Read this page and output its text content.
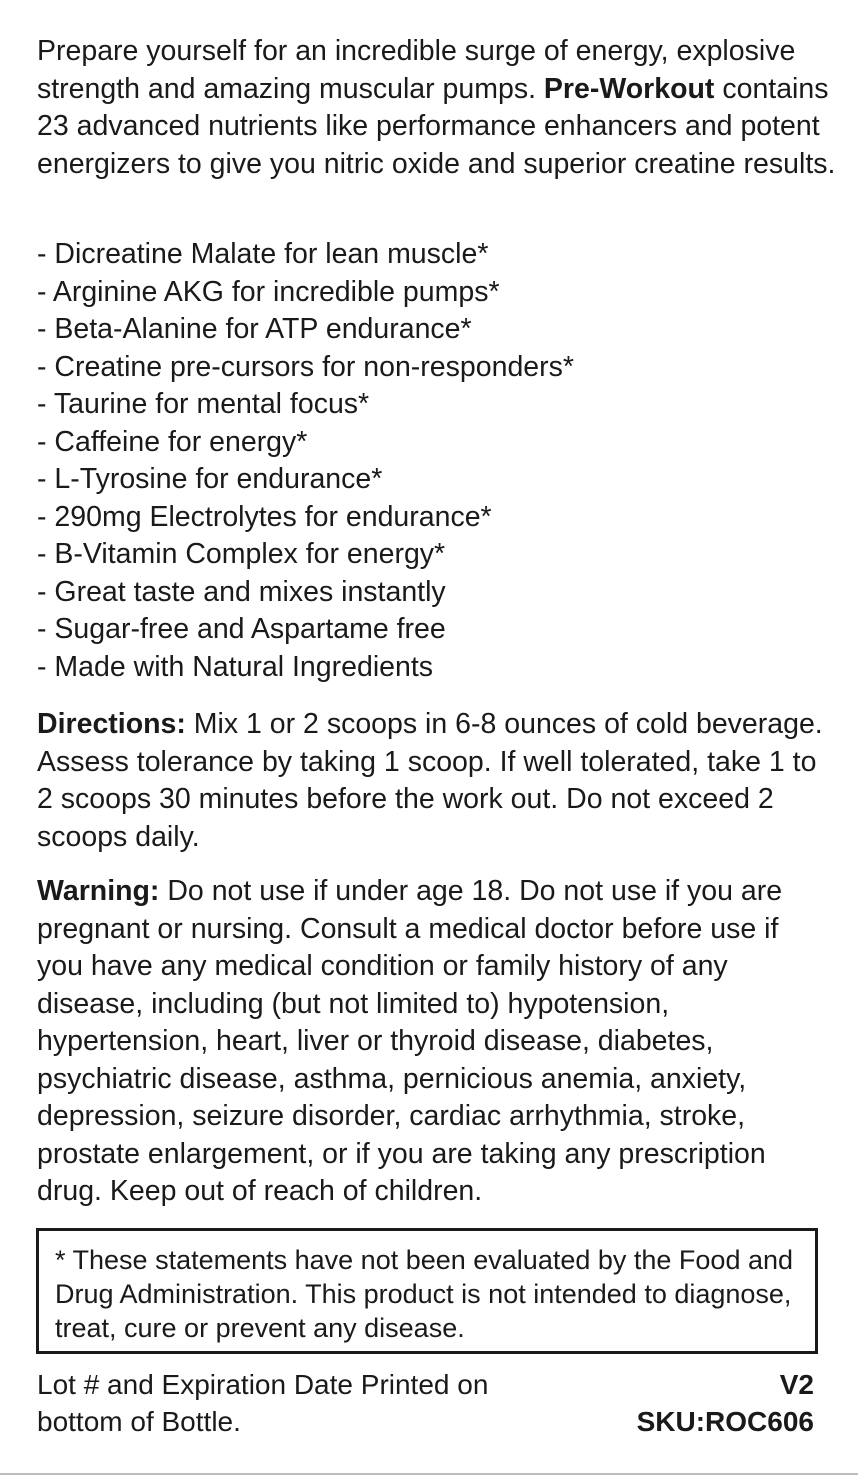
Prepare yourself for an incredible surge of energy, explosive strength and amazing muscular pumps. Pre-Workout contains 23 advanced nutrients like performance enhancers and potent energizers to give you nitric oxide and superior creatine results.

- Dicreatine Malate for lean muscle*
- Arginine AKG for incredible pumps*
- Beta-Alanine for ATP endurance*
- Creatine pre-cursors for non-responders*
- Taurine for mental focus*
- Caffeine for energy*
- L-Tyrosine for endurance*
- 290mg Electrolytes for endurance*
- B-Vitamin Complex for energy*
- Great taste and mixes instantly
- Sugar-free and Aspartame free
- Made with Natural Ingredients

Directions: Mix 1 or 2 scoops in 6-8 ounces of cold beverage. Assess tolerance by taking 1 scoop. If well tolerated, take 1 to 2 scoops 30 minutes before the work out. Do not exceed 2 scoops daily.

Warning: Do not use if under age 18. Do not use if you are pregnant or nursing. Consult a medical doctor before use if you have any medical condition or family history of any disease, including (but not limited to) hypotension, hypertension, heart, liver or thyroid disease, diabetes, psychiatric disease, asthma, pernicious anemia, anxiety, depression, seizure disorder, cardiac arrhythmia, stroke, prostate enlargement, or if you are taking any prescription drug. Keep out of reach of children.

* These statements have not been evaluated by the Food and Drug Administration. This product is not intended to diagnose, treat, cure or prevent any disease.

Lot # and Expiration Date Printed on bottom of Bottle.

V2
SKU:ROC606
